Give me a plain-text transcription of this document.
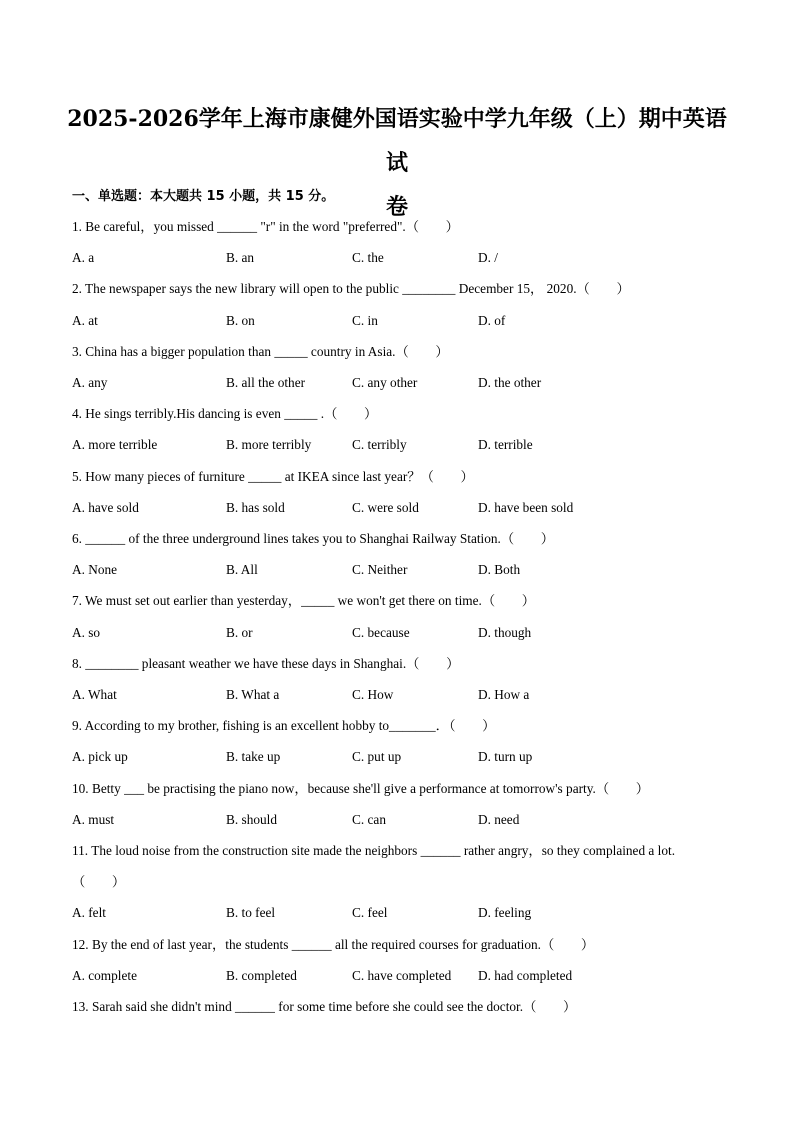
2025-2026学年上海市康健外国语实验中学九年级（上）期中英语试
卷
一、单选题：本大题共 15 小题，共 15 分。
1. Be careful，you missed ______ "r" in the word "preferred".（　　）
A. a	B. an	C. the	D. /
2. The newspaper says the new library will open to the public ________ December 15， 2020.（　　）
A. at	B. on	C. in	D. of
3. China has a bigger population than _____ country in Asia.（　　）
A. any	B. all the other	C. any other	D. the other
4. He sings terribly.His dancing is even _____ .（　　）
A. more terrible	B. more terribly	C. terribly	D. terrible
5. How many pieces of furniture _____ at IKEA since last year？（　　）
A. have sold	B. has sold	C. were sold	D. have been sold
6. ______ of the three underground lines takes you to Shanghai Railway Station.（　　）
A. None	B. All	C. Neither	D. Both
7. We must set out earlier than yesterday，_____ we won't get there on time.（　　）
A. so	B. or	C. because	D. though
8. ________ pleasant weather we have these days in Shanghai.（　　）
A. What	B. What a	C. How	D. How a
9. According to my brother, fishing is an excellent hobby to_______．（　　）
A. pick up	B. take up	C. put up	D. turn up
10. Betty ___ be practising the piano now，because she'll give a performance at tomorrow's party.（　　）
A. must	B. should	C. can	D. need
11. The loud noise from the construction site made the neighbors ______ rather angry，so they complained a lot.
（　　）
A. felt	B. to feel	C. feel	D. feeling
12. By the end of last year，the students ______ all the required courses for graduation.（　　）
A. complete	B. completed	C. have completed D. had completed
13. Sarah said she didn't mind ______ for some time before she could see the doctor.（　　）
